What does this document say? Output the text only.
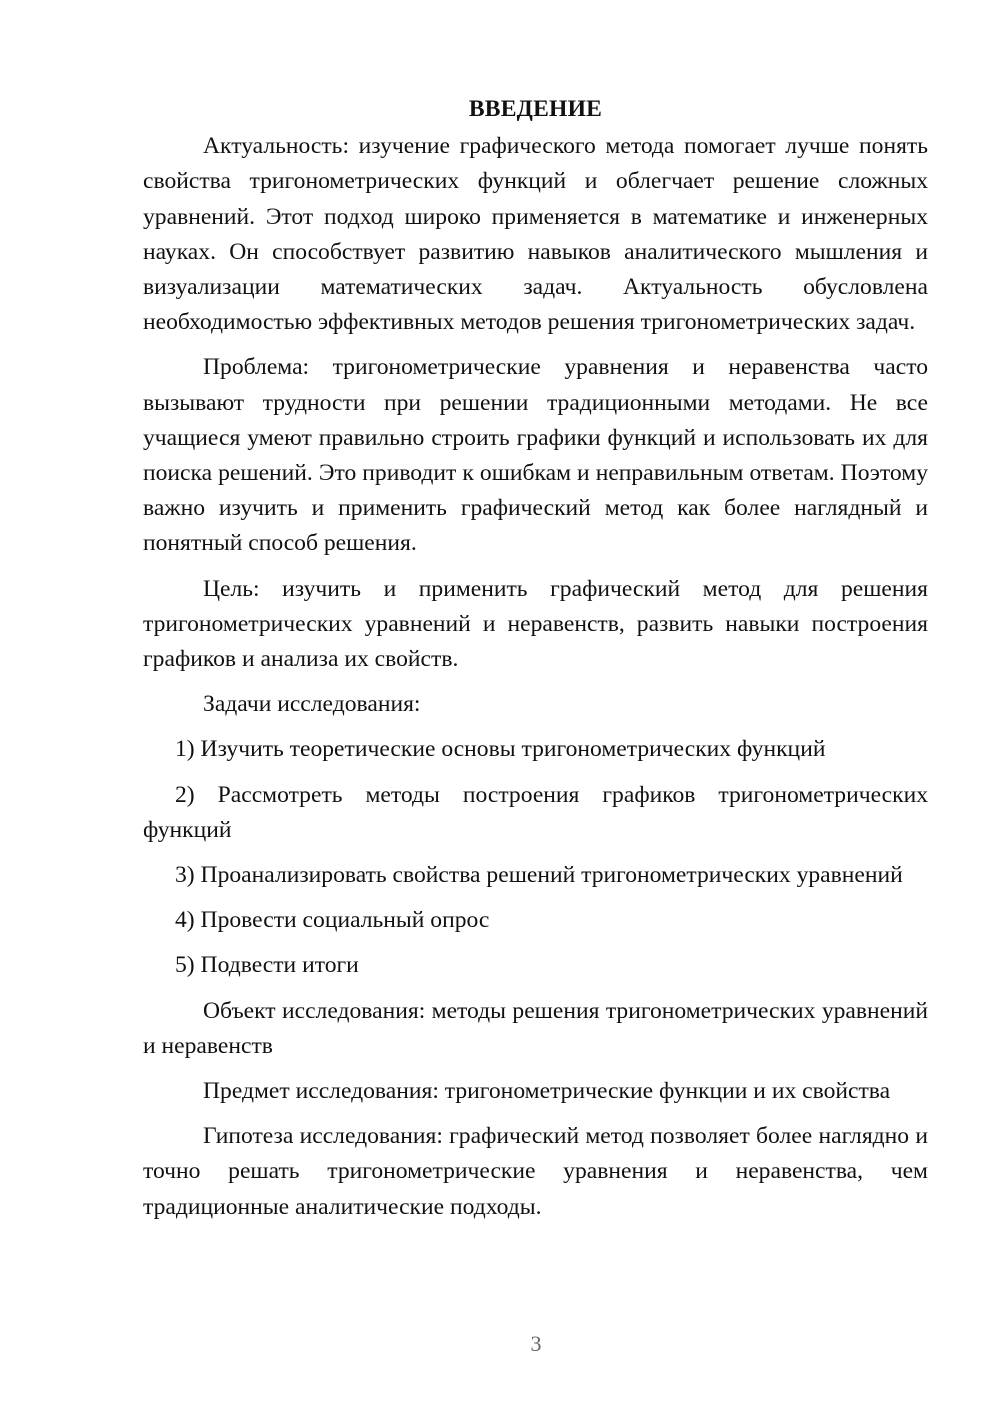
ВВЕДЕНИЕ

Актуальность: изучение графического метода помогает лучше понять свойства тригонометрических функций и облегчает решение сложных уравнений. Этот подход широко применяется в математике и инженерных науках. Он способствует развитию навыков аналитического мышления и визуализации математических задач. Актуальность обусловлена необходимостью эффективных методов решения тригонометрических задач.

Проблема: тригонометрические уравнения и неравенства часто вызывают трудности при решении традиционными методами. Не все учащиеся умеют правильно строить графики функций и использовать их для поиска решений. Это приводит к ошибкам и неправильным ответам. Поэтому важно изучить и применить графический метод как более наглядный и понятный способ решения.

Цель: изучить и применить графический метод для решения тригонометрических уравнений и неравенств, развить навыки построения графиков и анализа их свойств.

Задачи исследования:

1) Изучить теоретические основы тригонометрических функций

2) Рассмотреть методы построения графиков тригонометрических функций

3) Проанализировать свойства решений тригонометрических уравнений

4) Провести социальный опрос

5) Подвести итоги

Объект исследования: методы решения тригонометрических уравнений и неравенств

Предмет исследования: тригонометрические функции и их свойства

Гипотеза исследования: графический метод позволяет более наглядно и точно решать тригонометрические уравнения и неравенства, чем традиционные аналитические подходы.

3
